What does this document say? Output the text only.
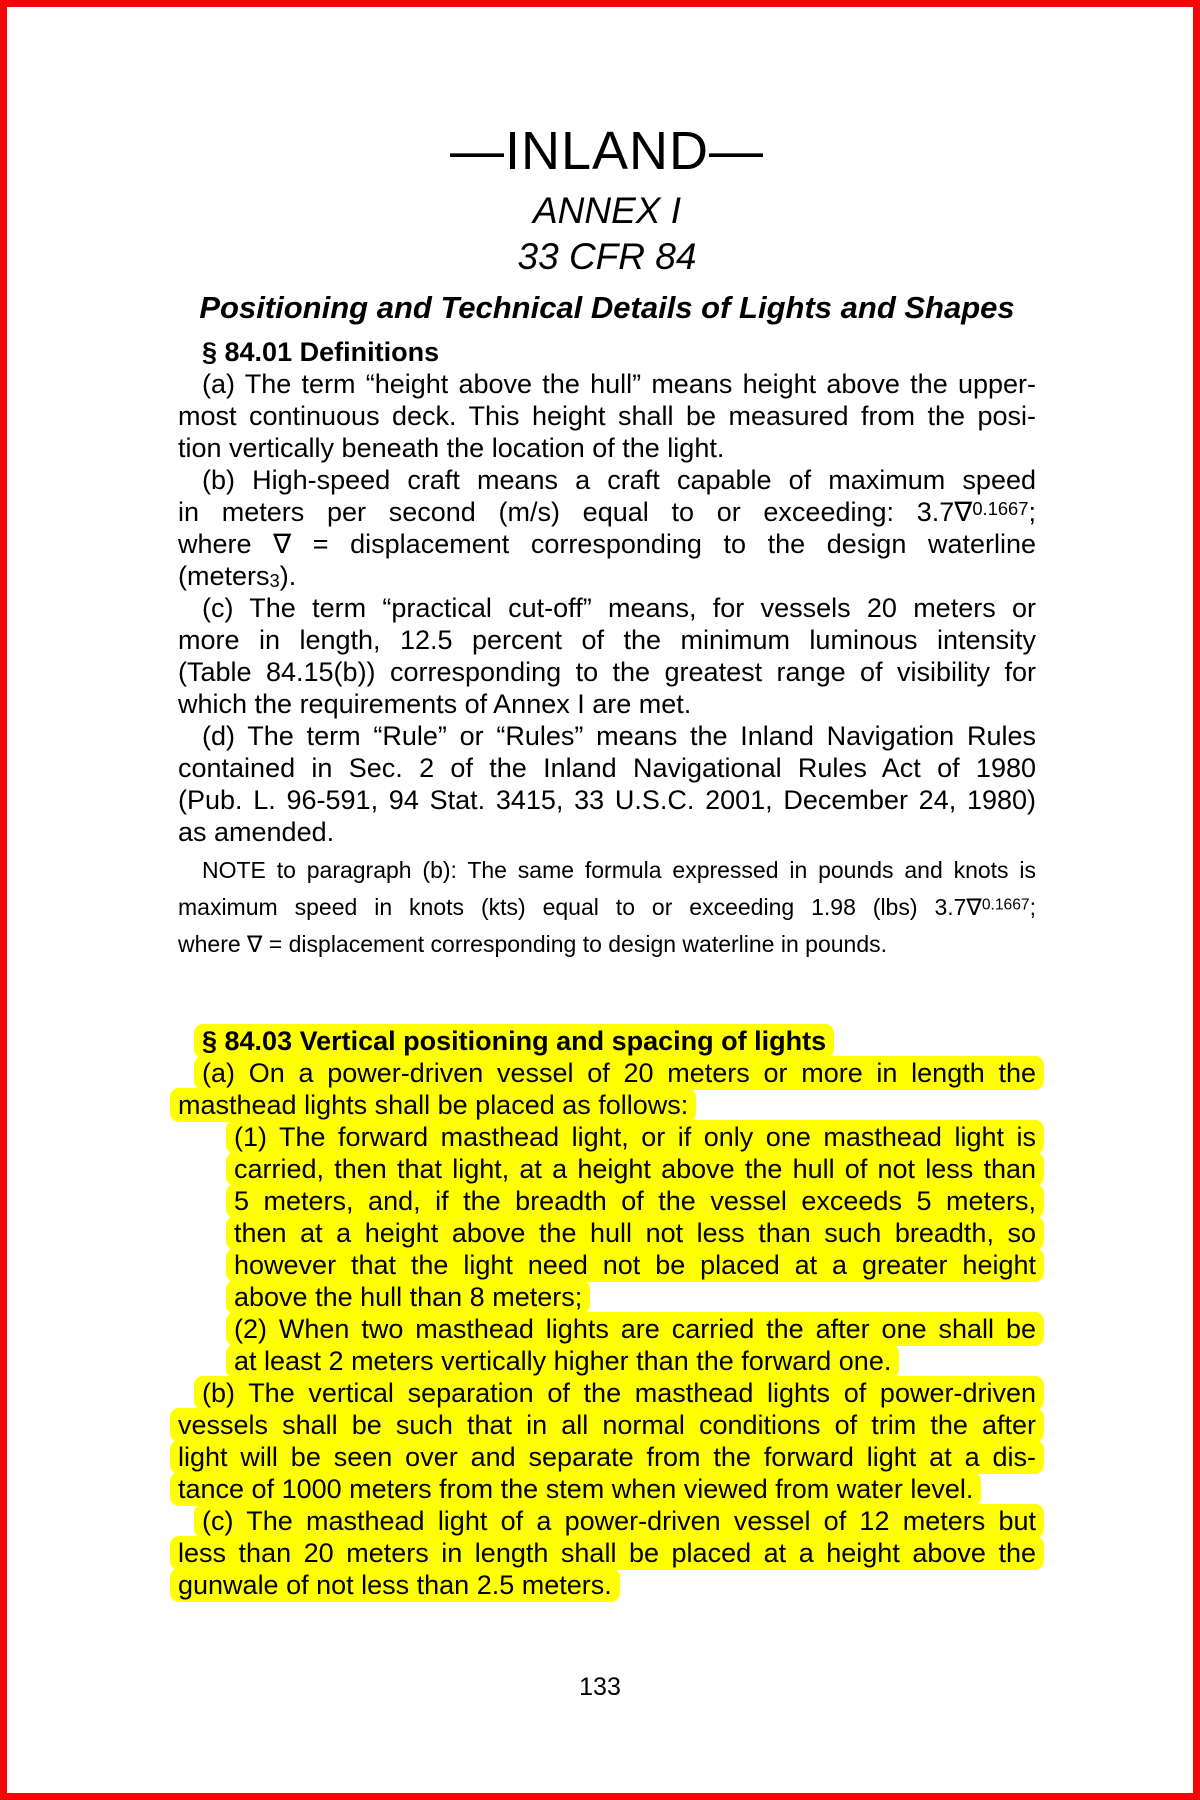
—INLAND—
ANNEX I
33 CFR 84
Positioning and Technical Details of Lights and Shapes
§ 84.01 Definitions
(a) The term “height above the hull” means height above the upper-
most continuous deck. This height shall be measured from the posi-
tion vertically beneath the location of the light.
(b) High-speed craft means a craft capable of maximum speed
in meters per second (m/s) equal to or exceeding: 3.7∇$^{0.1667}$;
where ∇ = displacement corresponding to the design waterline
(meters3).
(c) The term “practical cut-off” means, for vessels 20 meters or
more in length, 12.5 percent of the minimum luminous intensity
(Table 84.15(b)) corresponding to the greatest range of visibility for
which the requirements of Annex I are met.
(d) The term “Rule” or “Rules” means the Inland Navigation Rules
contained in Sec. 2 of the Inland Navigational Rules Act of 1980
(Pub. L. 96-591, 94 Stat. 3415, 33 U.S.C. 2001, December 24, 1980)
as amended.
NOTE to paragraph (b): The same formula expressed in pounds and knots is
maximum speed in knots (kts) equal to or exceeding 1.98 (lbs) 3.7∇$^{0.1667}$;
where ∇ = displacement corresponding to design waterline in pounds.
§ 84.03 Vertical positioning and spacing of lights
(a) On a power-driven vessel of 20 meters or more in length the
masthead lights shall be placed as follows:
(1) The forward masthead light, or if only one masthead light is
carried, then that light, at a height above the hull of not less than
5 meters, and, if the breadth of the vessel exceeds 5 meters,
then at a height above the hull not less than such breadth, so
however that the light need not be placed at a greater height
above the hull than 8 meters;
(2) When two masthead lights are carried the after one shall be
at least 2 meters vertically higher than the forward one.
(b) The vertical separation of the masthead lights of power-driven
vessels shall be such that in all normal conditions of trim the after
light will be seen over and separate from the forward light at a dis-
tance of 1000 meters from the stem when viewed from water level.
(c) The masthead light of a power-driven vessel of 12 meters but
less than 20 meters in length shall be placed at a height above the
gunwale of not less than 2.5 meters.
133
